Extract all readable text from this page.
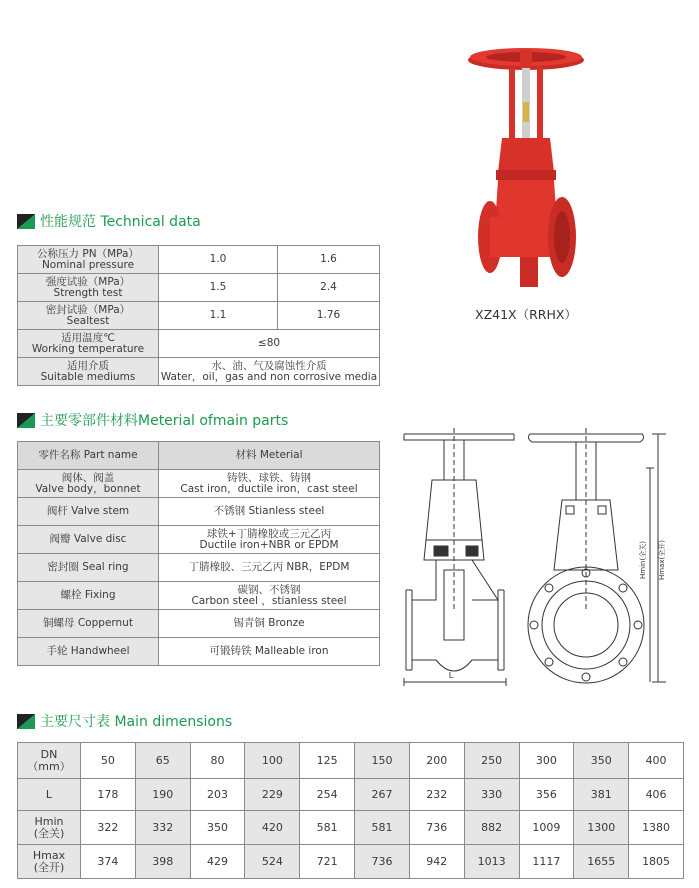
XZ41X（RRHX）
性能规范 Technical data
公称压力 PN（MPa）
Nominal pressure	1.0	1.6

强度试验（MPa）
Strength test	1.5	2.4

密封试验（MPa）
Sealtest	1.1	1.76

适用温度℃
Working temperature	≤80	

适用介质
Suitable mediums	水、油、气及腐蚀性介质
Water，oil，gas and non corrosive media	
主要零部件材料Meterial ofmain parts
零件名称 Part name	材料 Meterial

阀体、阀盖
Valve body，bonnet	铸铁、球铁、铸钢
Cast iron，ductile iron，cast steel

阀杆 Valve stem	不锈钢 Stianless steel
阀瓣 Valve disc	球铁+丁腈橡胶或三元乙丙
Ductile iron+NBR or EPDM

密封圈 Seal ring	丁腈橡胶、三元乙丙 NBR，EPDM
螺栓 Fixing	碳钢、不锈钢
Carbon steel ，stianless steel

铜螺母 Coppernut	锡青铜 Bronze
手轮 Handwheel	可锻铸铁 Malleable iron
L
Hmin(全关) Hmax(全开)
主要尺寸表 Main dimensions
DN
（mm）	50	65	80	100	125	150	200	250	300	350	400

L	178	190	203	229	254	267	232	330	356	381	406

Hmin
(全关)	322	332	350	420	581	581	736	882	1009	1300	1380

Hmax
(全开)	374	398	429	524	721	736	942	1013	1117	1655	1805
